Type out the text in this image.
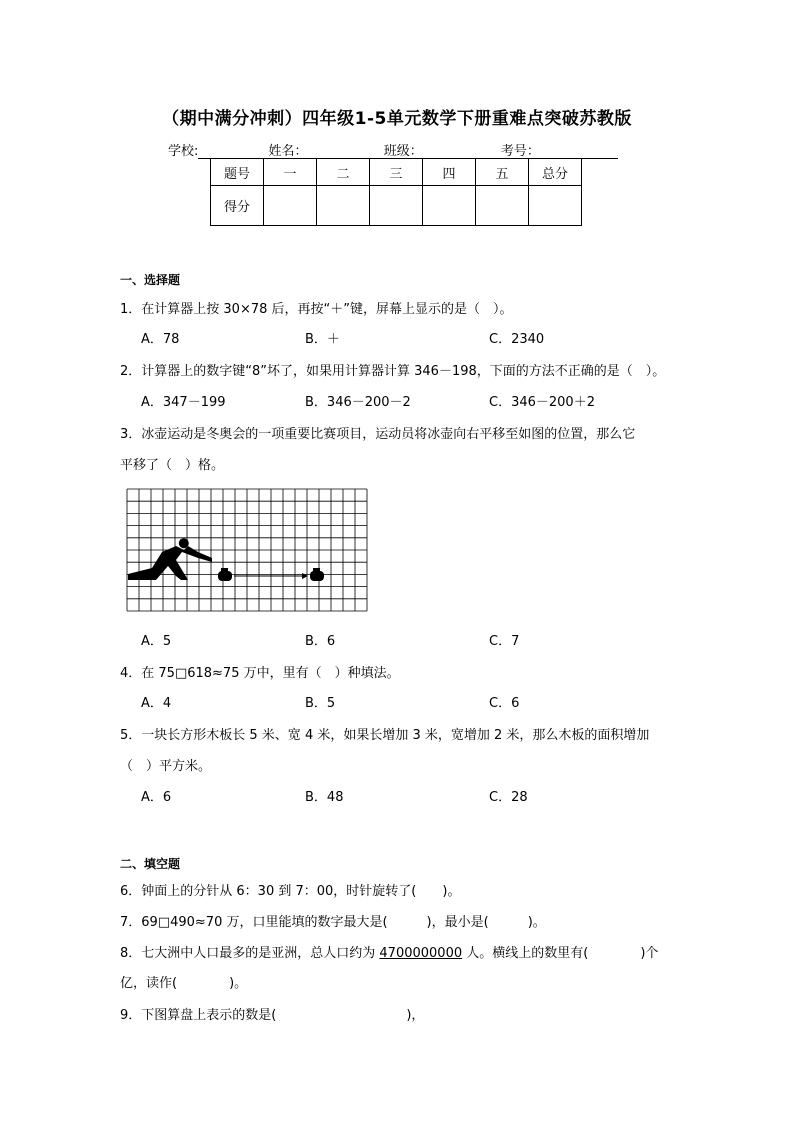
（期中满分冲刺）四年级1-5单元数学下册重难点突破苏教版
学校:	姓名：	班级：	考号：
题号	一	二	三	四	五	总分
得分						
一、选择题
1．在计算器上按 30×78 后，再按“＋”键，屏幕上显示的是（　）。
A．78	B．＋	C．2340
2．计算器上的数字键“8”坏了，如果用计算器计算 346－198，下面的方法不正确的是（　）。
A．347－199	B．346－200－2	C．346－200＋2
3．冰壶运动是冬奥会的一项重要比赛项目，运动员将冰壶向右平移至如图的位置，那么它
平移了（　）格。
A．5	B．6	C．7
4．在 75□618≈75 万中，里有（　）种填法。
A．4	B．5	C．6
5．一块长方形木板长 5 米、宽 4 米，如果长增加 3 米，宽增加 2 米，那么木板的面积增加
（　）平方米。
A．6	B．48	C．28
二、填空题
6．钟面上的分针从 6：30 到 7：00，时针旋转了(　　)。
7．69□490≈70 万，口里能填的数字最大是(　　　)，最小是(　　　)。
8．七大洲中人口最多的是亚洲，总人口约为 4700000000 人。横线上的数里有(　　　　)个
亿，读作(　　　　)。
9．下图算盘上表示的数是(　　　　　　　　　　)，
